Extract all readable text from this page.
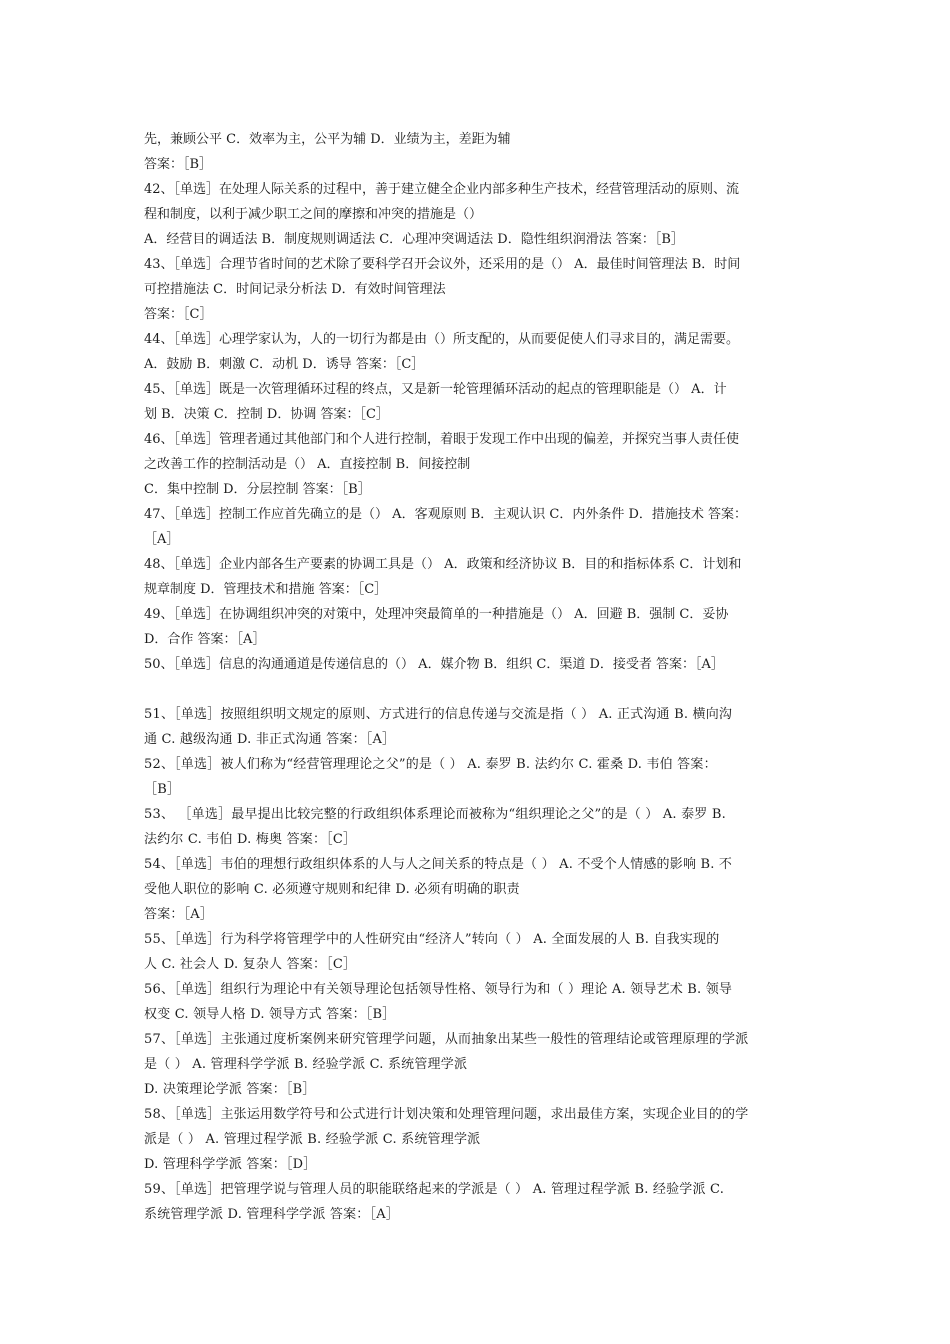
先，兼顾公平 C．效率为主，公平为辅 D．业绩为主，差距为辅
答案：［B］
42、［单选］在处理人际关系的过程中，善于建立健全企业内部多种生产技术，经营管理活动的原则、流
程和制度，以利于减少职工之间的摩擦和冲突的措施是（）
A．经营目的调适法 B．制度规则调适法 C．心理冲突调适法 D．隐性组织润滑法 答案：［B］
43、［单选］合理节省时间的艺术除了要科学召开会议外，还采用的是（） A．最佳时间管理法 B．时间
可控措施法 C．时间记录分析法 D．有效时间管理法
答案：［C］
44、［单选］心理学家认为，人的一切行为都是由（）所支配的，从而要促使人们寻求目的，满足需要。
A．鼓励 B．刺激 C．动机 D．诱导 答案：［C］
45、［单选］既是一次管理循环过程的终点，又是新一轮管理循环活动的起点的管理职能是（） A．计
划 B．决策 C．控制 D．协调 答案：［C］
46、［单选］管理者通过其他部门和个人进行控制，着眼于发现工作中出现的偏差，并探究当事人责任使
之改善工作的控制活动是（） A．直接控制 B．间接控制
C．集中控制 D．分层控制 答案：［B］
47、［单选］控制工作应首先确立的是（） A．客观原则 B．主观认识 C．内外条件 D．措施技术 答案：
［A］
48、［单选］企业内部各生产要素的协调工具是（） A．政策和经济协议 B．目的和指标体系 C．计划和
规章制度 D．管理技术和措施 答案：［C］
49、［单选］在协调组织冲突的对策中，处理冲突最简单的一种措施是（） A．回避 B．强制 C．妥协
D．合作 答案：［A］
50、［单选］信息的沟通通道是传递信息的（） A．媒介物 B．组织 C．渠道 D．接受者 答案：［A］
51、［单选］按照组织明文规定的原则、方式进行的信息传递与交流是指（ ） A. 正式沟通 B. 横向沟
通 C. 越级沟通 D. 非正式沟通 答案：［A］
52、［单选］被人们称为“经营管理理论之父”的是（ ） A. 泰罗 B. 法约尔 C. 霍桑 D. 韦伯 答案：
［B］
53、 ［单选］最早提出比较完整的行政组织体系理论而被称为“组织理论之父”的是（ ） A. 泰罗 B.
法约尔 C. 韦伯 D. 梅奥 答案：［C］
54、［单选］韦伯的理想行政组织体系的人与人之间关系的特点是（ ） A. 不受个人情感的影响 B. 不
受他人职位的影响 C. 必须遵守规则和纪律 D. 必须有明确的职责
答案：［A］
55、［单选］行为科学将管理学中的人性研究由“经济人”转向（ ） A. 全面发展的人 B. 自我实现的
人 C. 社会人 D. 复杂人 答案：［C］
56、［单选］组织行为理论中有关领导理论包括领导性格、领导行为和（ ）理论 A. 领导艺术 B. 领导
权变 C. 领导人格 D. 领导方式 答案：［B］
57、［单选］主张通过度析案例来研究管理学问题，从而抽象出某些一般性的管理结论或管理原理的学派
是（ ） A. 管理科学学派 B. 经验学派 C. 系统管理学派
D. 决策理论学派 答案：［B］
58、［单选］主张运用数学符号和公式进行计划决策和处理管理问题，求出最佳方案，实现企业目的的学
派是（ ） A. 管理过程学派 B. 经验学派 C. 系统管理学派
D. 管理科学学派 答案：［D］
59、［单选］把管理学说与管理人员的职能联络起来的学派是（ ） A. 管理过程学派 B. 经验学派 C.
系统管理学派 D. 管理科学学派 答案：［A］
